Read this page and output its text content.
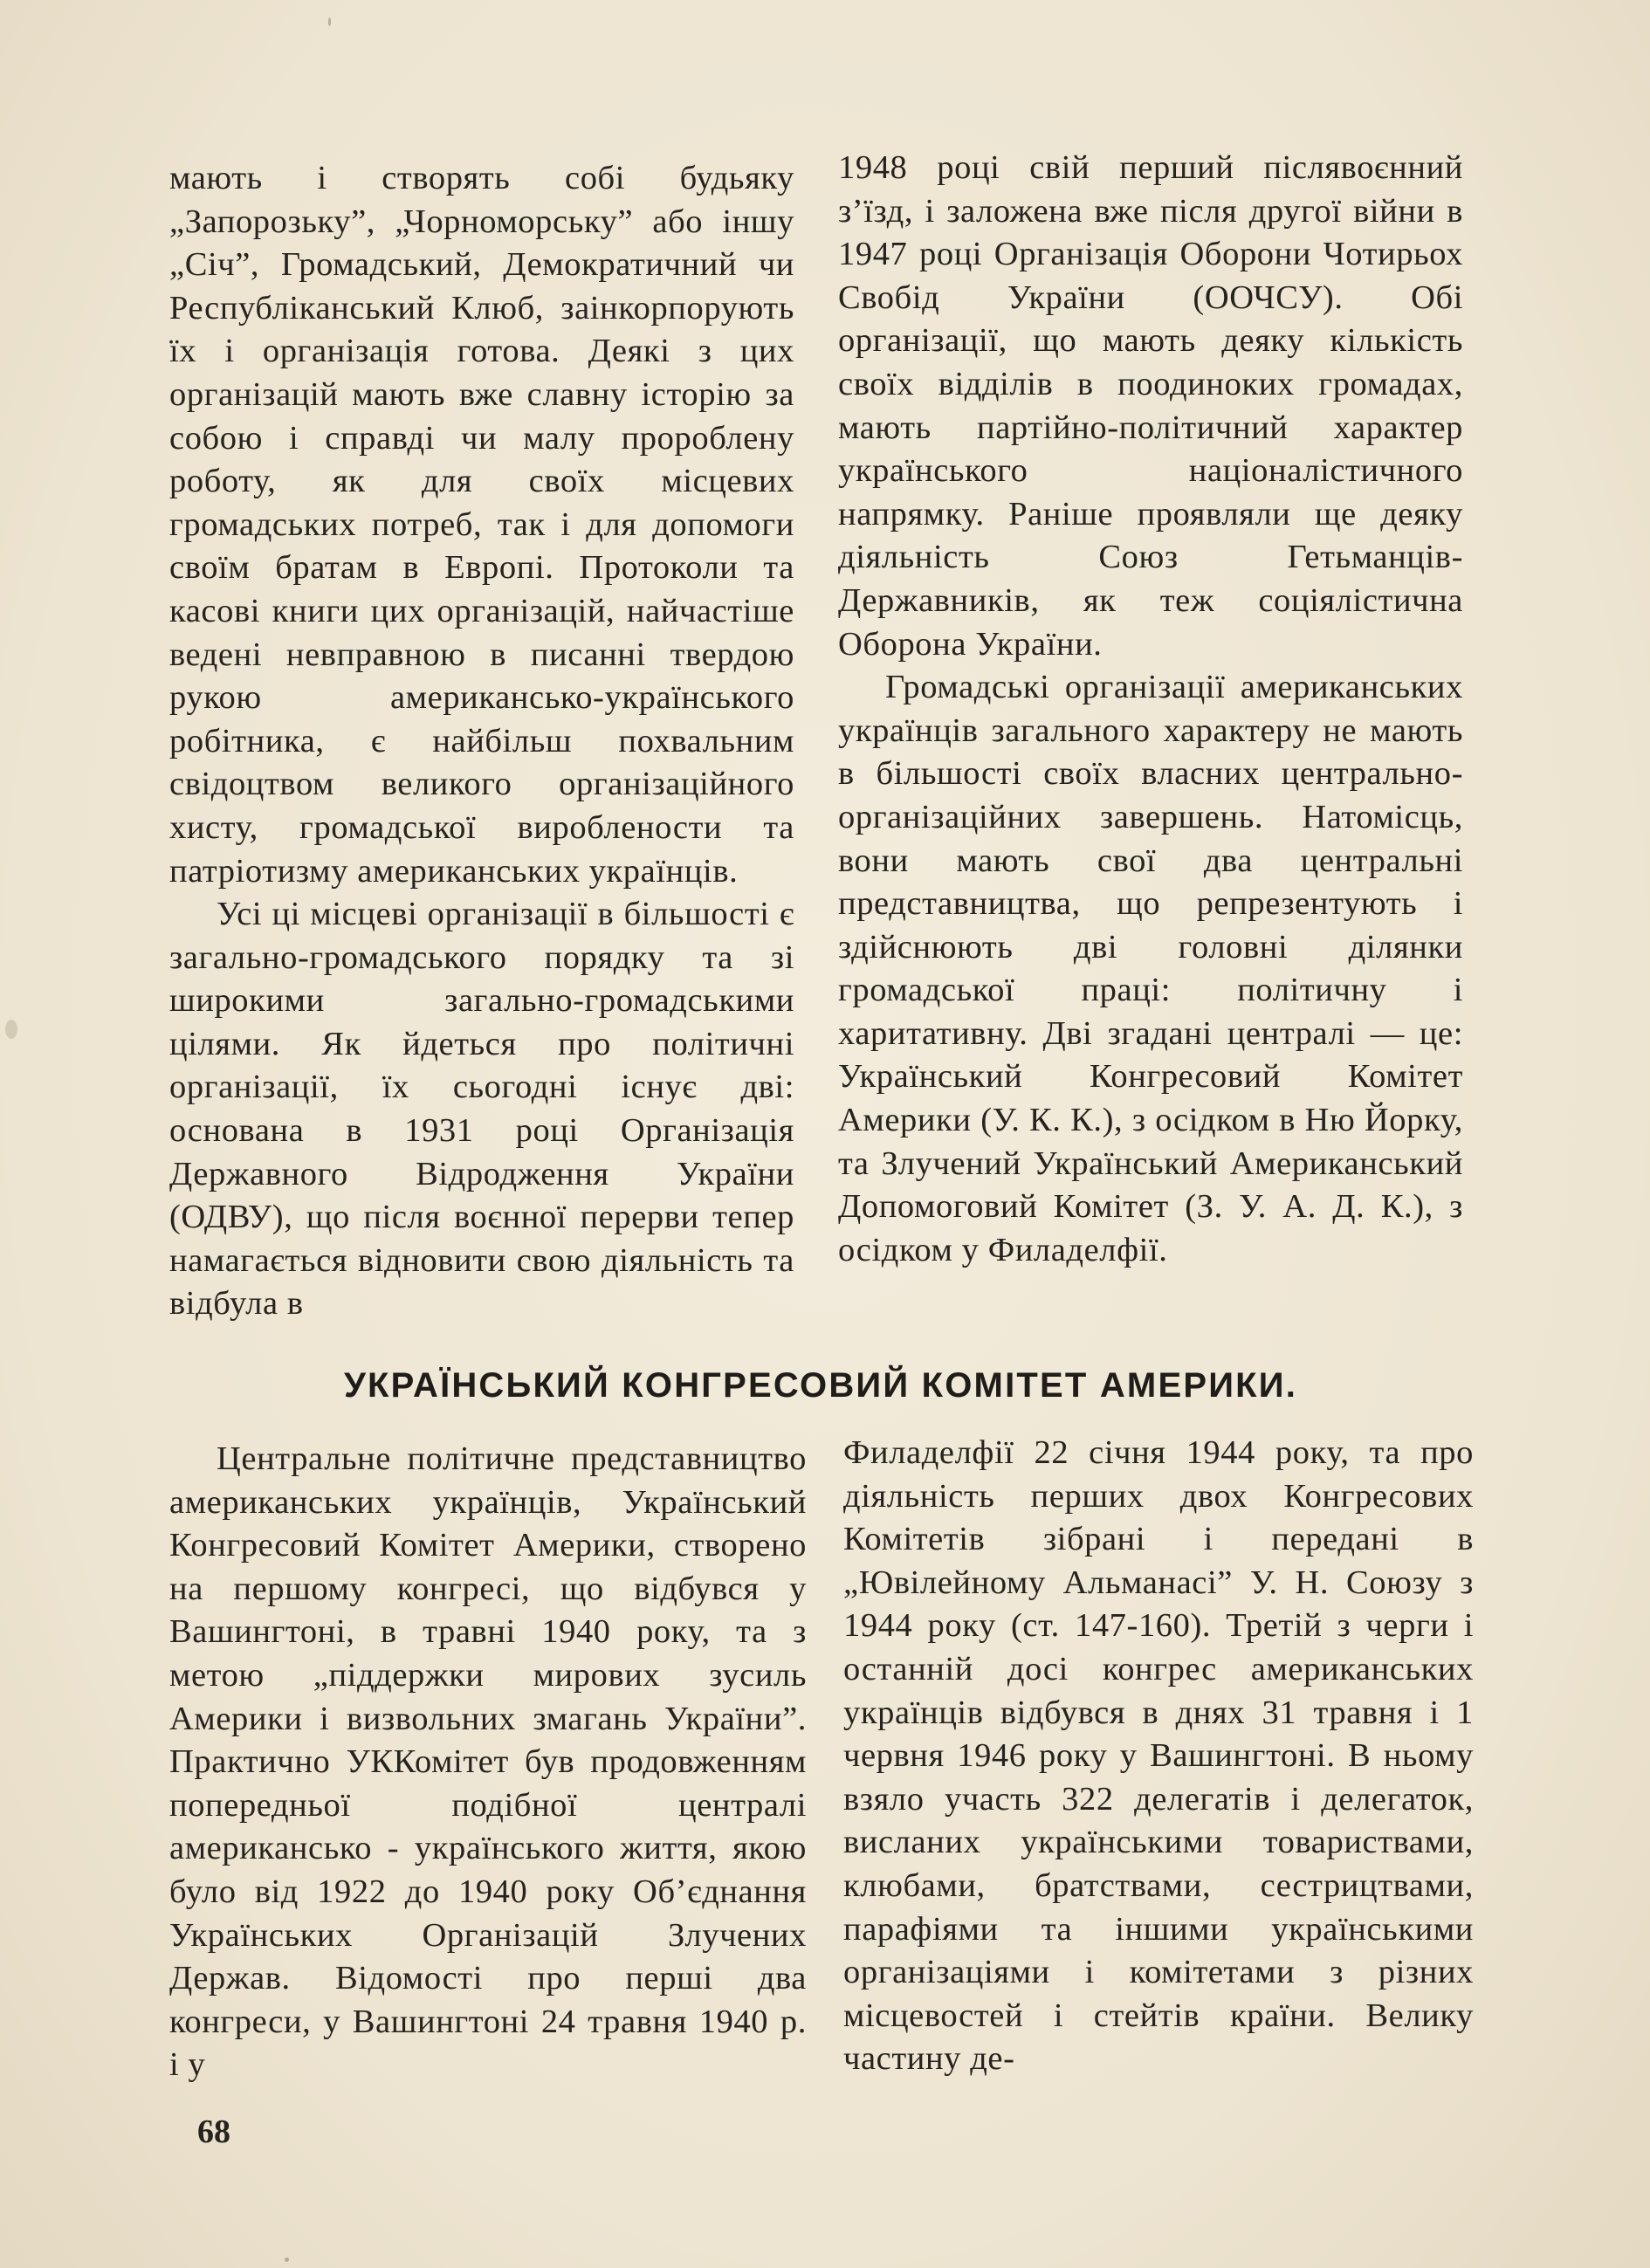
мають і створять собі будьяку „Запорозьку”, „Чорноморську” або іншу „Січ”, Громадський, Демократичний чи Республіканський Клюб, заінкорпорують їх і організація готова. Деякі з цих організацій мають вже славну історію за собою і справді чи малу пророблену роботу, як для своїх місцевих громадських потреб, так і для допомоги своїм братам в Европі. Протоколи та касові книги цих організацій, найчастіше ведені невправною в писанні твердою рукою американсько-українського робітника, є найбільш похвальним свідоцтвом великого організаційного хисту, громадської вироблености та патріотизму американських українців.

Усі ці місцеві організації в більшості є загально-громадського порядку та зі широкими загально-громадськими цілями. Як йдеться про політичні організації, їх сьогодні існує дві: основана в 1931 році Організація Державного Відродження України (ОДВУ), що після воєнної перерви тепер намагається відновити свою діяльність та відбула в

1948 році свій перший післявоєнний з’їзд, і заложена вже після другої війни в 1947 році Організація Оборони Чотирьох Свобід України (ООЧСУ). Обі організації, що мають деяку кількість своїх відділів в поодиноких громадах, мають партійно-політичний характер українського націоналістичного напрямку. Раніше проявляли ще деяку діяльність Союз Гетьманців-Державників, як теж соціялістична Оборона України.

Громадські організації американських українців загального характеру не мають в більшості своїх власних центрально-організаційних завершень. Натомісць, вони мають свої два центральні представництва, що репрезентують і здійснюють дві головні ділянки громадської праці: політичну і харитативну. Дві згадані централі — це: Український Конгресовий Комітет Америки (У. К. К.), з осідком в Ню Йорку, та Злучений Український Американський Допомоговий Комітет (З. У. А. Д. К.), з осідком у Филаделфії.

УКРАЇНСЬКИЙ КОНГРЕСОВИЙ КОМІТЕТ АМЕРИКИ.

Центральне політичне представництво американських українців, Український Конгресовий Комітет Америки, створено на першому конгресі, що відбувся у Вашингтоні, в травні 1940 року, та з метою „піддержки мирових зусиль Америки і визвольних змагань України”. Практично УККомітет був продовженням попередньої подібної централі американсько - українського життя, якою було від 1922 до 1940 року Об’єднання Українських Організацій Злучених Держав. Відомості про перші два конгреси, у Вашингтоні 24 травня 1940 р. і у

Филаделфії 22 січня 1944 року, та про діяльність перших двох Конгресових Комітетів зібрані і передані в „Ювілейному Альманасі” У. Н. Союзу з 1944 року (ст. 147-160). Третій з черги і останній досі конгрес американських українців відбувся в днях 31 травня і 1 червня 1946 року у Вашингтоні. В ньому взяло участь 322 делегатів і делегаток, висланих українськими товариствами, клюбами, братствами, сестрицтвами, парафіями та іншими українськими організаціями і комітетами з різних місцевостей і стейтів країни. Велику частину де-

68
